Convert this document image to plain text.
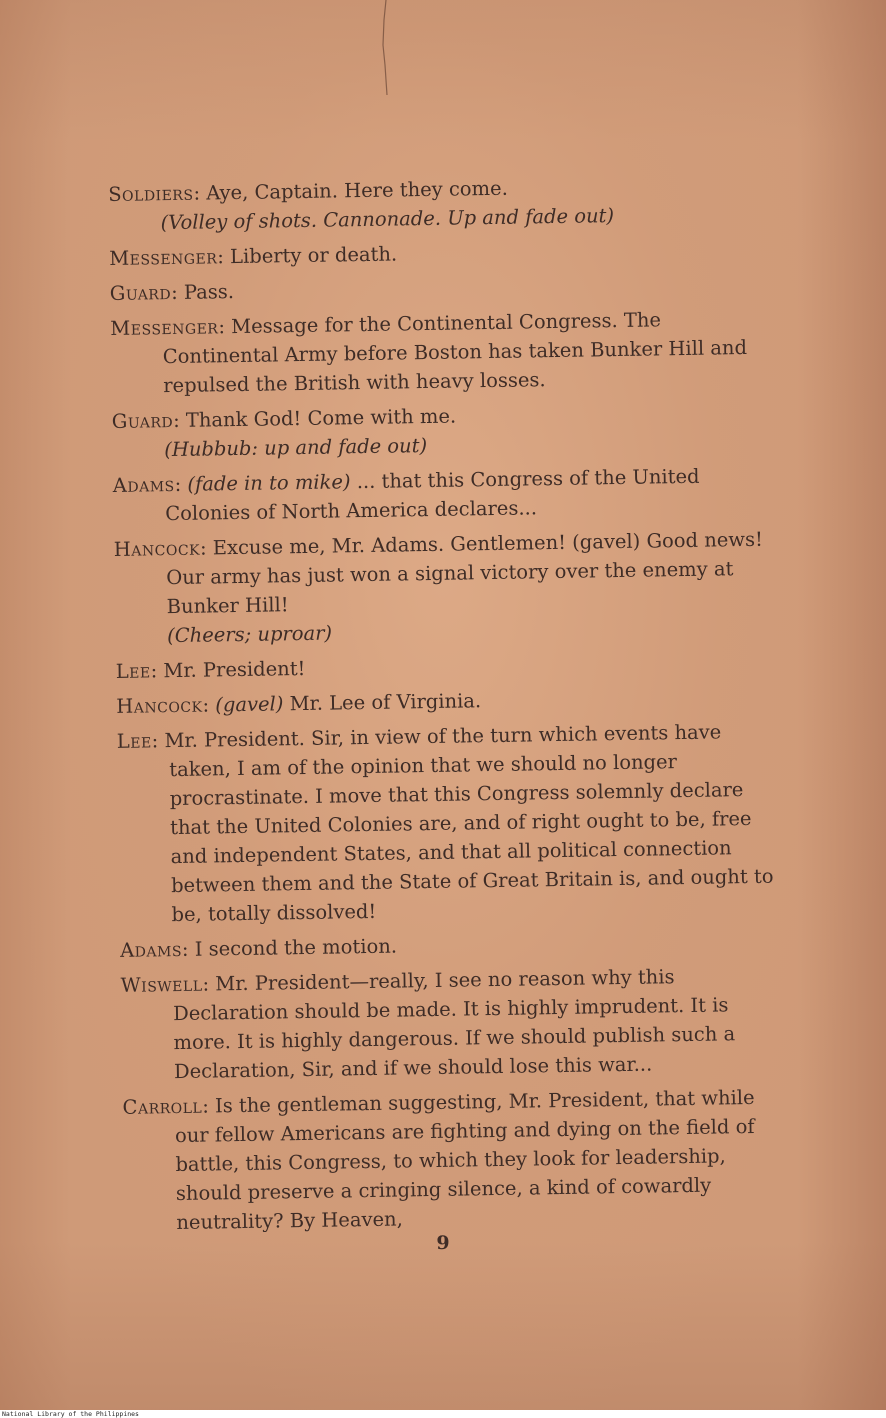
Soldiers: Aye, Captain. Here they come.

(Volley of shots. Cannonade. Up and fade out)

Messenger: Liberty or death.

Guard: Pass.

Messenger: Message for the Continental Congress. The Continental Army before Boston has taken Bunker Hill and repulsed the British with heavy losses.

Guard: Thank God! Come with me.

(Hubbub: up and fade out)

Adams: (fade in to mike) ... that this Congress of the United Colonies of North America declares...

Hancock: Excuse me, Mr. Adams. Gentlemen! (gavel) Good news! Our army has just won a signal victory over the enemy at Bunker Hill!

(Cheers; uproar)

Lee: Mr. President!

Hancock: (gavel) Mr. Lee of Virginia.

Lee: Mr. President. Sir, in view of the turn which events have taken, I am of the opinion that we should no longer procrastinate. I move that this Congress solemnly declare that the United Colonies are, and of right ought to be, free and independent States, and that all political connection between them and the State of Great Britain is, and ought to be, totally dissolved!

Adams: I second the motion.

Wiswell: Mr. President—really, I see no reason why this Declaration should be made. It is highly imprudent. It is more. It is highly dangerous. If we should publish such a Declaration, Sir, and if we should lose this war...

Carroll: Is the gentleman suggesting, Mr. President, that while our fellow Americans are fighting and dying on the field of battle, this Congress, to which they look for leadership, should preserve a cringing silence, a kind of cowardly neutrality? By Heaven,

9
National Library of the Philippines
